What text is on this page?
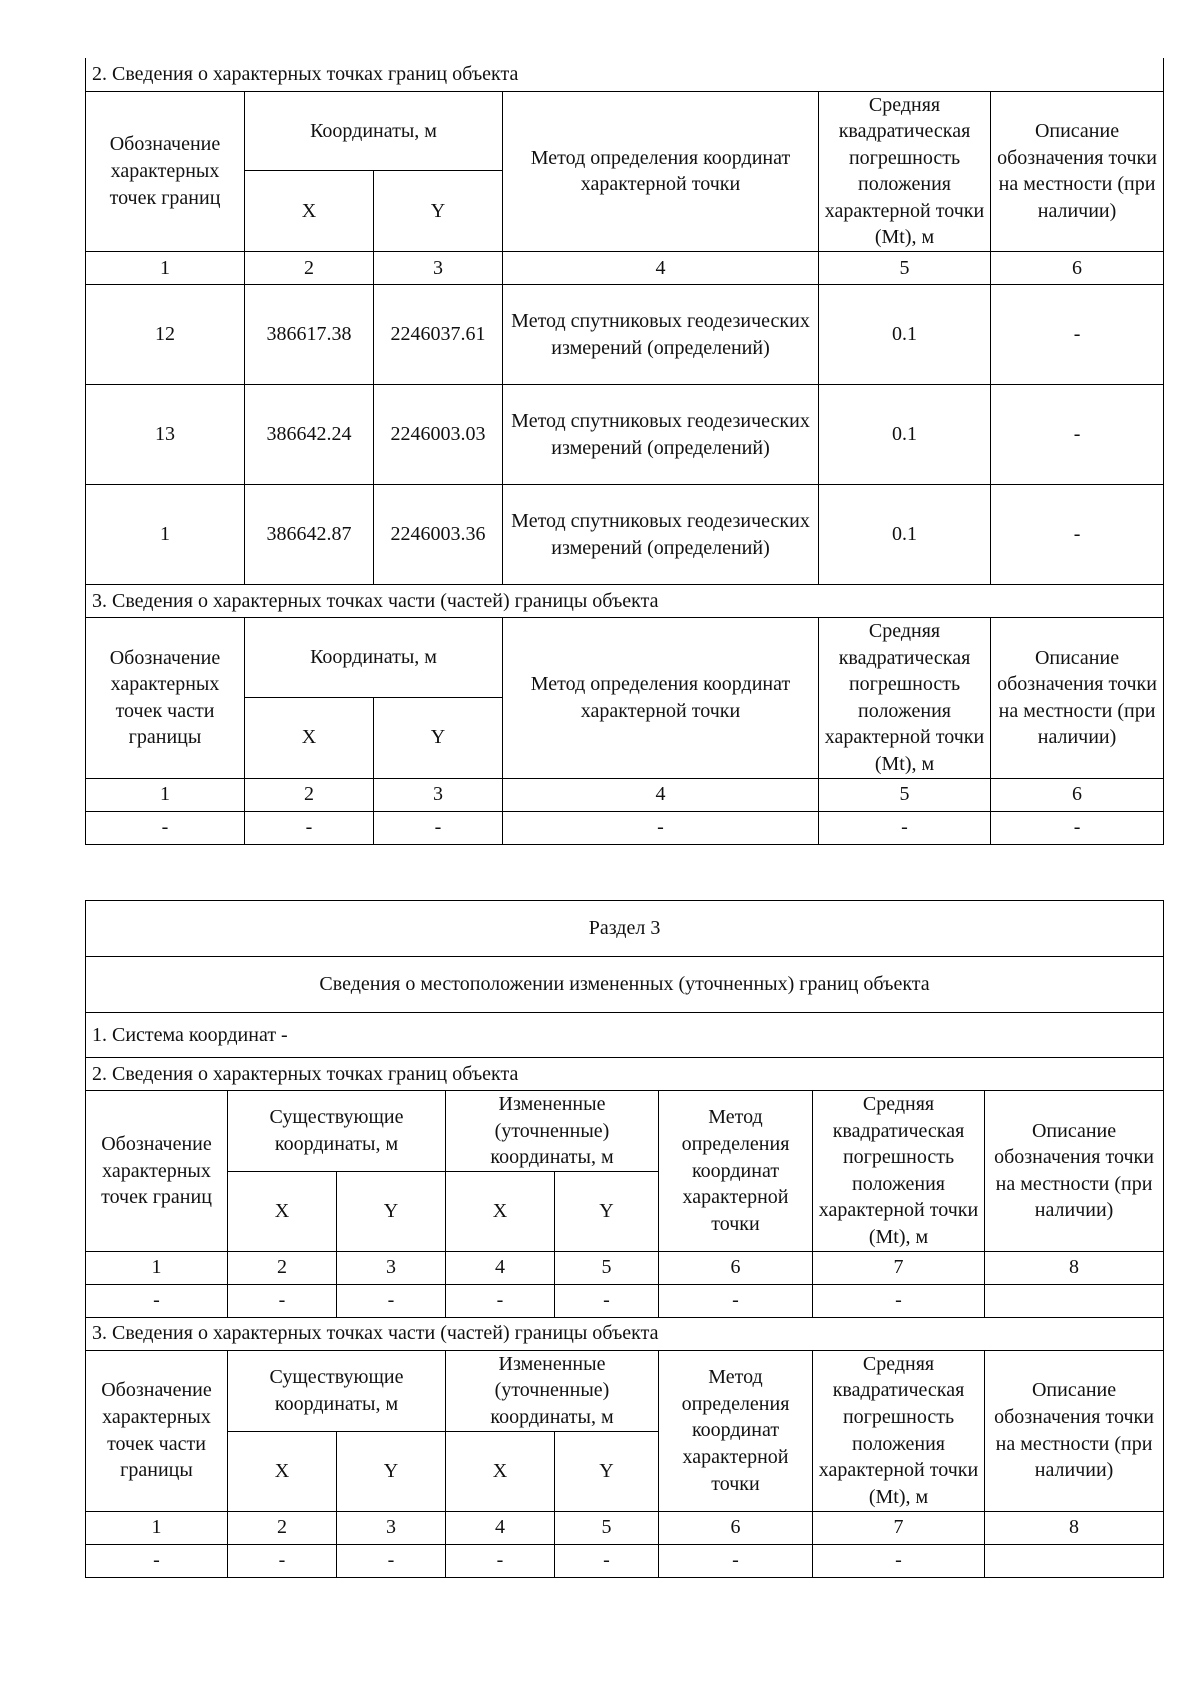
2. Сведения о характерных точках границ объекта					
Обозначение характерных точек границ	Координаты, м		Метод определения координат характерной точки	Средняя квадратическая погрешность положения характерной точки (Mt), м	Описание обозначения точки на местности (при наличии)
	X	Y			
1	2	3	4	5	6
12	386617.38	2246037.61	Метод спутниковых геодезических измерений (определений)	0.1	-
13	386642.24	2246003.03	Метод спутниковых геодезических измерений (определений)	0.1	-
1	386642.87	2246003.36	Метод спутниковых геодезических измерений (определений)	0.1	-
3. Сведения о характерных точках части (частей) границы объекта					
Обозначение характерных точек части границы	Координаты, м		Метод определения координат характерной точки	Средняя квадратическая погрешность положения характерной точки (Mt), м	Описание обозначения точки на местности (при наличии)
	X	Y			
1	2	3	4	5	6
-	-	-	-	-	-
Раздел 3							
Сведения о местоположении измененных (уточненных) границ объекта							
1. Система координат -							
2. Сведения о характерных точках границ объекта							
Обозначение характерных точек границ	Существующие координаты, м		Измененные (уточненные) координаты, м		Метод определения координат характерной точки	Средняя квадратическая погрешность положения характерной точки (Mt), м	Описание обозначения точки на местности (при наличии)
	X	Y	X	Y			
1	2	3	4	5	6	7	8
-	-	-	-	-	-	-	
3. Сведения о характерных точках части (частей) границы объекта							
Обозначение характерных точек части границы	Существующие координаты, м		Измененные (уточненные) координаты, м		Метод определения координат характерной точки	Средняя квадратическая погрешность положения характерной точки (Mt), м	Описание обозначения точки на местности (при наличии)
	X	Y	X	Y			
1	2	3	4	5	6	7	8
-	-	-	-	-	-	-	
